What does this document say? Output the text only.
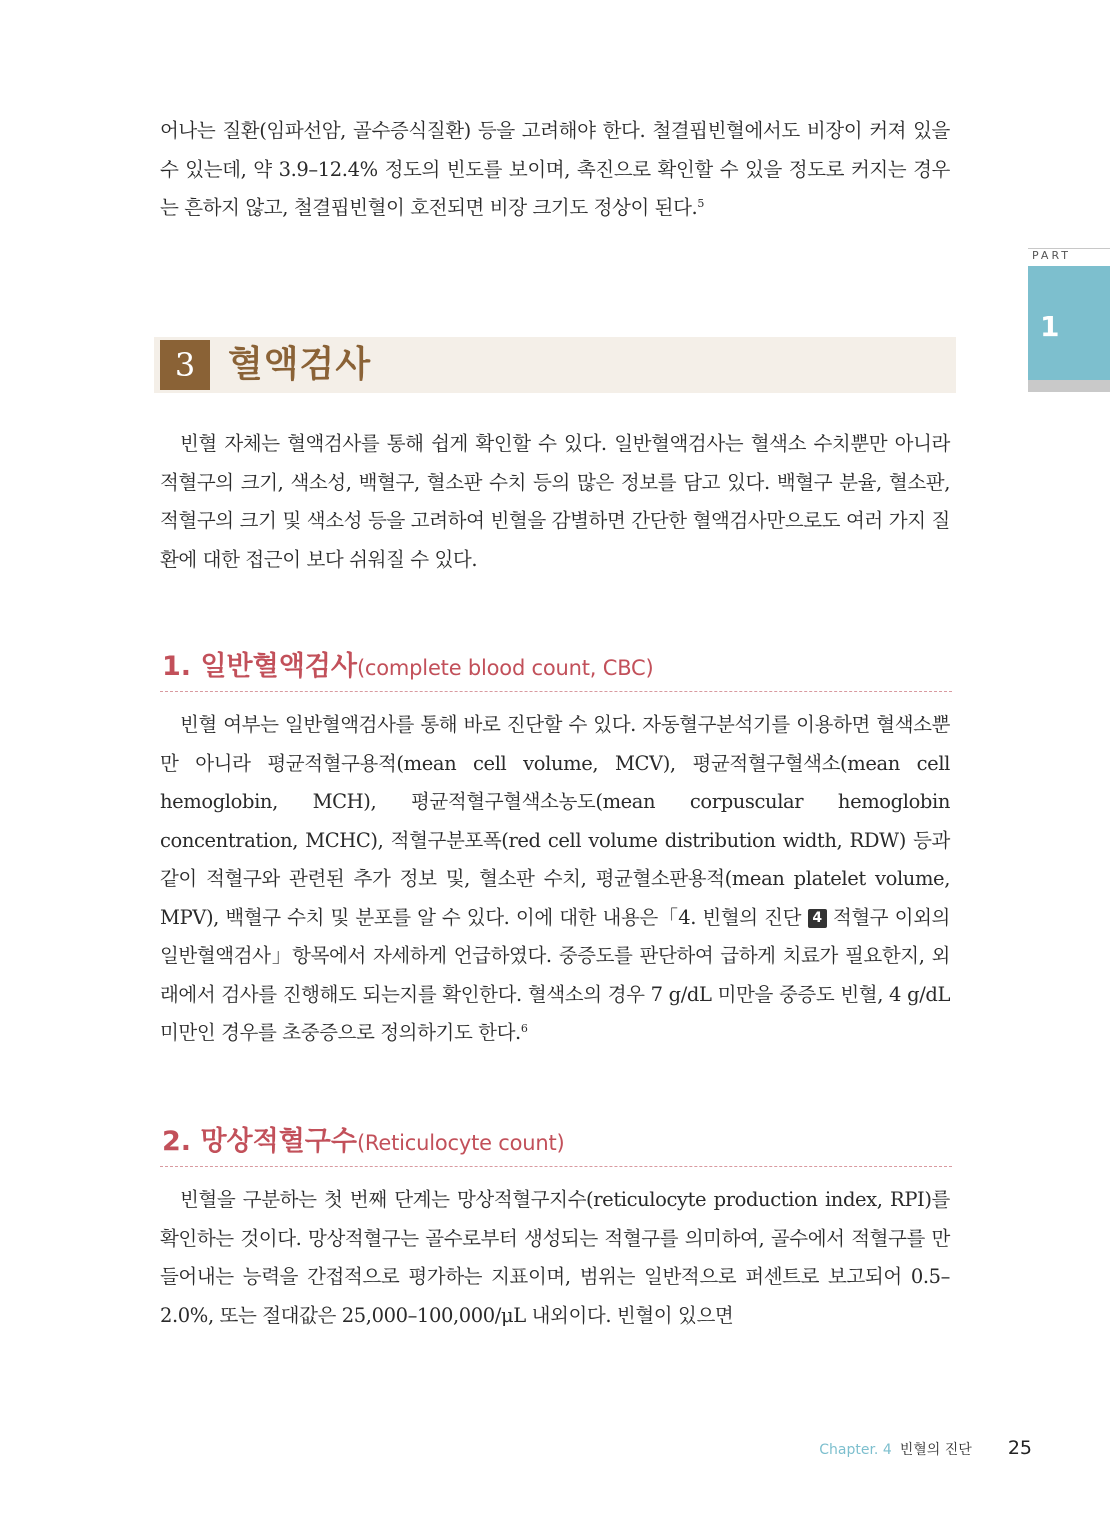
어나는 질환(임파선암, 골수증식질환) 등을 고려해야 한다. 철결핍빈혈에서도 비장이 커져 있을 수 있는데, 약 3.9–12.4% 정도의 빈도를 보이며, 촉진으로 확인할 수 있을 정도로 커지는 경우는 흔하지 않고, 철결핍빈혈이 호전되면 비장 크기도 정상이 된다.$^5$

PART
1
3 혈액검사

빈혈 자체는 혈액검사를 통해 쉽게 확인할 수 있다. 일반혈액검사는 혈색소 수치뿐만 아니라 적혈구의 크기, 색소성, 백혈구, 혈소판 수치 등의 많은 정보를 담고 있다. 백혈구 분율, 혈소판, 적혈구의 크기 및 색소성 등을 고려하여 빈혈을 감별하면 간단한 혈액검사만으로도 여러 가지 질환에 대한 접근이 보다 쉬워질 수 있다.

1. 일반혈액검사(complete blood count, CBC)

빈혈 여부는 일반혈액검사를 통해 바로 진단할 수 있다. 자동혈구분석기를 이용하면 혈색소뿐만 아니라 평균적혈구용적(mean cell volume, MCV), 평균적혈구혈색소(mean cell hemoglobin, MCH), 평균적혈구혈색소농도(mean corpuscular hemoglobin concentration, MCHC), 적혈구분포폭(red cell volume distribution width, RDW) 등과 같이 적혈구와 관련된 추가 정보 및, 혈소판 수치, 평균혈소판용적(mean platelet volume, MPV), 백혈구 수치 및 분포를 알 수 있다. 이에 대한 내용은「4. 빈혈의 진단 4 적혈구 이외의 일반혈액검사」항목에서 자세하게 언급하였다. 중증도를 판단하여 급하게 치료가 필요한지, 외래에서 검사를 진행해도 되는지를 확인한다. 혈색소의 경우 7 g/dL 미만을 중증도 빈혈, 4 g/dL 미만인 경우를 초중증으로 정의하기도 한다.$^6$

2. 망상적혈구수(Reticulocyte count)

빈혈을 구분하는 첫 번째 단계는 망상적혈구지수(reticulocyte production index, RPI)를 확인하는 것이다. 망상적혈구는 골수로부터 생성되는 적혈구를 의미하여, 골수에서 적혈구를 만들어내는 능력을 간접적으로 평가하는 지표이며, 범위는 일반적으로 퍼센트로 보고되어 0.5–2.0%, 또는 절대값은 25,000–100,000/μL 내외이다. 빈혈이 있으면

Chapter. 4 빈혈의 진단 25
